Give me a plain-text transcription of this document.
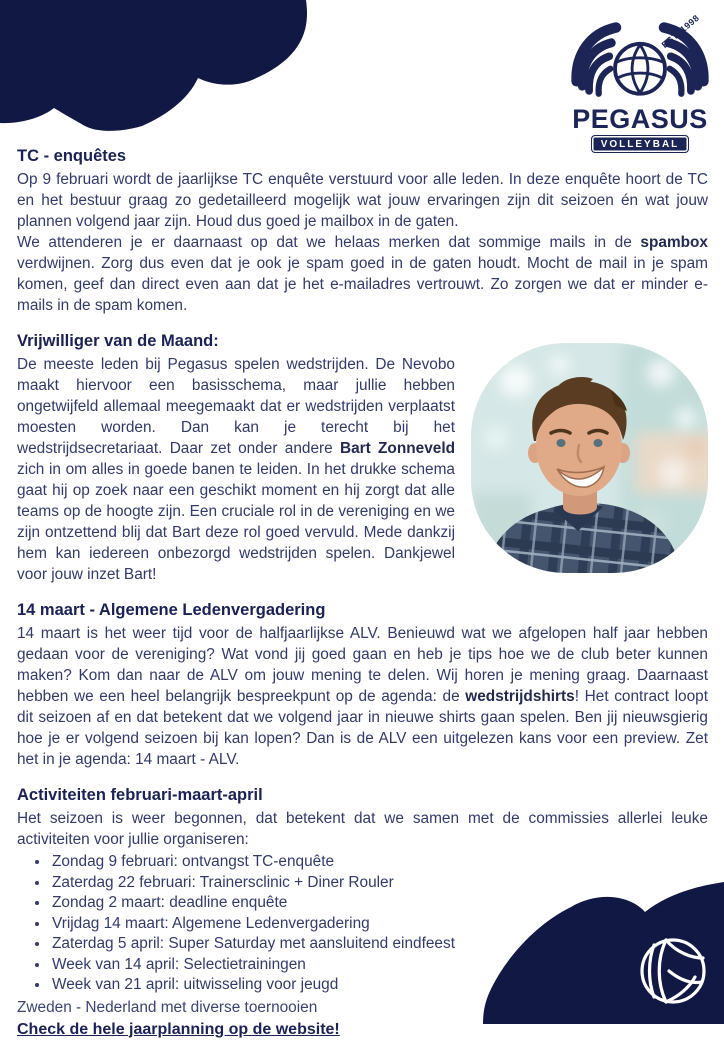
EST. 1998
PEGASUS
VOLLEYBAL
TC - enquêtes

Op 9 februari wordt de jaarlijkse TC enquête verstuurd voor alle leden. In deze enquête hoort de TC en het bestuur graag zo gedetailleerd mogelijk wat jouw ervaringen zijn dit seizoen én wat jouw plannen volgend jaar zijn. Houd dus goed je mailbox in de gaten.

We attenderen je er daarnaast op dat we helaas merken dat sommige mails in de spambox verdwijnen. Zorg dus even dat je ook je spam goed in de gaten houdt. Mocht de mail in je spam komen, geef dan direct even aan dat je het e-mailadres vertrouwt. Zo zorgen we dat er minder e-mails in de spam komen.

Vrijwilliger van de Maand:

De meeste leden bij Pegasus spelen wedstrijden. De Nevobo maakt hiervoor een basisschema, maar jullie hebben ongetwijfeld allemaal meegemaakt dat er wedstrijden verplaatst moesten worden. Dan kan je terecht bij het wedstrijdsecretariaat. Daar zet onder andere Bart Zonneveld zich in om alles in goede banen te leiden. In het drukke schema gaat hij op zoek naar een geschikt moment en hij zorgt dat alle teams op de hoogte zijn. Een cruciale rol in de vereniging en we zijn ontzettend blij dat Bart deze rol goed vervuld. Mede dankzij hem kan iedereen onbezorgd wedstrijden spelen. Dankjewel voor jouw inzet Bart!

14 maart - Algemene Ledenvergadering

14 maart is het weer tijd voor de halfjaarlijkse ALV. Benieuwd wat we afgelopen half jaar hebben gedaan voor de vereniging? Wat vond jij goed gaan en heb je tips hoe we de club beter kunnen maken? Kom dan naar de ALV om jouw mening te delen. Wij horen je mening graag. Daarnaast hebben we een heel belangrijk bespreekpunt op de agenda: de wedstrijdshirts! Het contract loopt dit seizoen af en dat betekent dat we volgend jaar in nieuwe shirts gaan spelen. Ben jij nieuwsgierig hoe je er volgend seizoen bij kan lopen? Dan is de ALV een uitgelezen kans voor een preview. Zet het in je agenda: 14 maart - ALV.

Activiteiten februari-maart-april

Het seizoen is weer begonnen, dat betekent dat we samen met de commissies allerlei leuke activiteiten voor jullie organiseren:

• Zondag 9 februari: ontvangst TC-enquête
• Zaterdag 22 februari: Trainersclinic + Diner Rouler
• Zondag 2 maart: deadline enquête
• Vrijdag 14 maart: Algemene Ledenvergadering
• Zaterdag 5 april: Super Saturday met aansluitend eindfeest
• Week van 14 april: Selectietrainingen
• Week van 21 april: uitwisseling voor jeugd

Zweden - Nederland met diverse toernooien

Check de hele jaarplanning op de website!
